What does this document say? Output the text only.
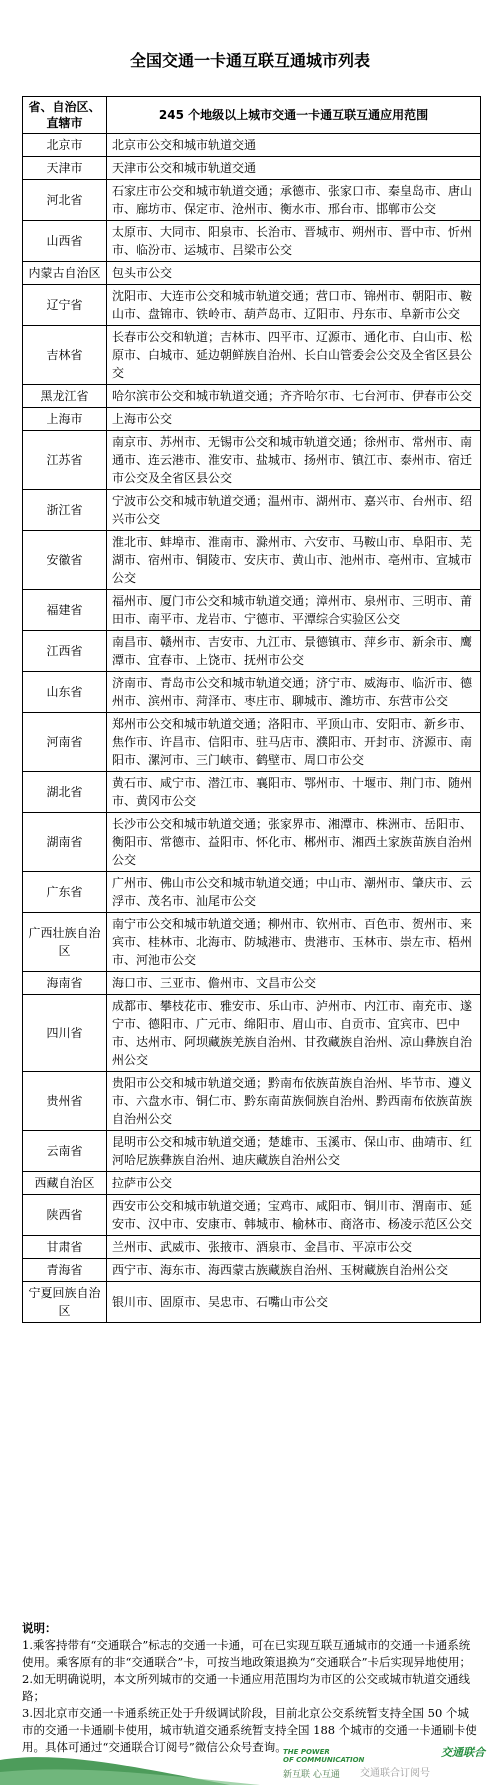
全国交通一卡通互联互通城市列表
省、自治区、直辖市	245 个地级以上城市交通一卡通互联互通应用范围
北京市	北京市公交和城市轨道交通
天津市	天津市公交和城市轨道交通
河北省	石家庄市公交和城市轨道交通；承德市、张家口市、秦皇岛市、唐山市、廊坊市、保定市、沧州市、衡水市、邢台市、邯郸市公交
山西省	太原市、大同市、阳泉市、长治市、晋城市、朔州市、晋中市、忻州市、临汾市、运城市、吕梁市公交
内蒙古自治区	包头市公交
辽宁省	沈阳市、大连市公交和城市轨道交通；营口市、锦州市、朝阳市、鞍山市、盘锦市、铁岭市、葫芦岛市、辽阳市、丹东市、阜新市公交
吉林省	长春市公交和轨道；吉林市、四平市、辽源市、通化市、白山市、松原市、白城市、延边朝鲜族自治州、长白山管委会公交及全省区县公交
黑龙江省	哈尔滨市公交和城市轨道交通；齐齐哈尔市、七台河市、伊春市公交
上海市	上海市公交
江苏省	南京市、苏州市、无锡市公交和城市轨道交通；徐州市、常州市、南通市、连云港市、淮安市、盐城市、扬州市、镇江市、泰州市、宿迁市公交及全省区县公交
浙江省	宁波市公交和城市轨道交通；温州市、湖州市、嘉兴市、台州市、绍兴市公交
安徽省	淮北市、蚌埠市、淮南市、滁州市、六安市、马鞍山市、阜阳市、芜湖市、宿州市、铜陵市、安庆市、黄山市、池州市、亳州市、宣城市公交
福建省	福州市、厦门市公交和城市轨道交通；漳州市、泉州市、三明市、莆田市、南平市、龙岩市、宁德市、平潭综合实验区公交
江西省	南昌市、赣州市、吉安市、九江市、景德镇市、萍乡市、新余市、鹰潭市、宜春市、上饶市、抚州市公交
山东省	济南市、青岛市公交和城市轨道交通；济宁市、威海市、临沂市、德州市、滨州市、菏泽市、枣庄市、聊城市、潍坊市、东营市公交
河南省	郑州市公交和城市轨道交通；洛阳市、平顶山市、安阳市、新乡市、焦作市、许昌市、信阳市、驻马店市、濮阳市、开封市、济源市、南阳市、漯河市、三门峡市、鹤壁市、周口市公交
湖北省	黄石市、咸宁市、潜江市、襄阳市、鄂州市、十堰市、荆门市、随州市、黄冈市公交
湖南省	长沙市公交和城市轨道交通；张家界市、湘潭市、株洲市、岳阳市、衡阳市、常德市、益阳市、怀化市、郴州市、湘西土家族苗族自治州公交
广东省	广州市、佛山市公交和城市轨道交通；中山市、潮州市、肇庆市、云浮市、茂名市、汕尾市公交
广西壮族自治区	南宁市公交和城市轨道交通；柳州市、钦州市、百色市、贺州市、来宾市、桂林市、北海市、防城港市、贵港市、玉林市、崇左市、梧州市、河池市公交
海南省	海口市、三亚市、儋州市、文昌市公交
四川省	成都市、攀枝花市、雅安市、乐山市、泸州市、内江市、南充市、遂宁市、德阳市、广元市、绵阳市、眉山市、自贡市、宜宾市、巴中市、达州市、阿坝藏族羌族自治州、甘孜藏族自治州、凉山彝族自治州公交
贵州省	贵阳市公交和城市轨道交通；黔南布依族苗族自治州、毕节市、遵义市、六盘水市、铜仁市、黔东南苗族侗族自治州、黔西南布依族苗族自治州公交
云南省	昆明市公交和城市轨道交通；楚雄市、玉溪市、保山市、曲靖市、红河哈尼族彝族自治州、迪庆藏族自治州公交
西藏自治区	拉萨市公交
陕西省	西安市公交和城市轨道交通；宝鸡市、咸阳市、铜川市、渭南市、延安市、汉中市、安康市、韩城市、榆林市、商洛市、杨凌示范区公交
甘肃省	兰州市、武威市、张掖市、酒泉市、金昌市、平凉市公交
青海省	西宁市、海东市、海西蒙古族藏族自治州、玉树藏族自治州公交
宁夏回族自治区	银川市、固原市、吴忠市、石嘴山市公交

说明：

1.乘客持带有“交通联合”标志的交通一卡通，可在已实现互联互通城市的交通一卡通系统使用。乘客原有的非“交通联合”卡，可按当地政策退换为“交通联合”卡后实现异地使用；

2.如无明确说明，本文所列城市的交通一卡通应用范围均为市区的公交或城市轨道交通线路；

3.因北京市交通一卡通系统正处于升级调试阶段，目前北京公交系统暂支持全国 50 个城市的交通一卡通刷卡使用，城市轨道交通系统暂支持全国 188 个城市的交通一卡通刷卡使用。具体可通过“交通联合订阅号”微信公众号查询。

THE POWER
OF COMMUNICATION
新互联 心互通 交通联合订阅号
交通联合
